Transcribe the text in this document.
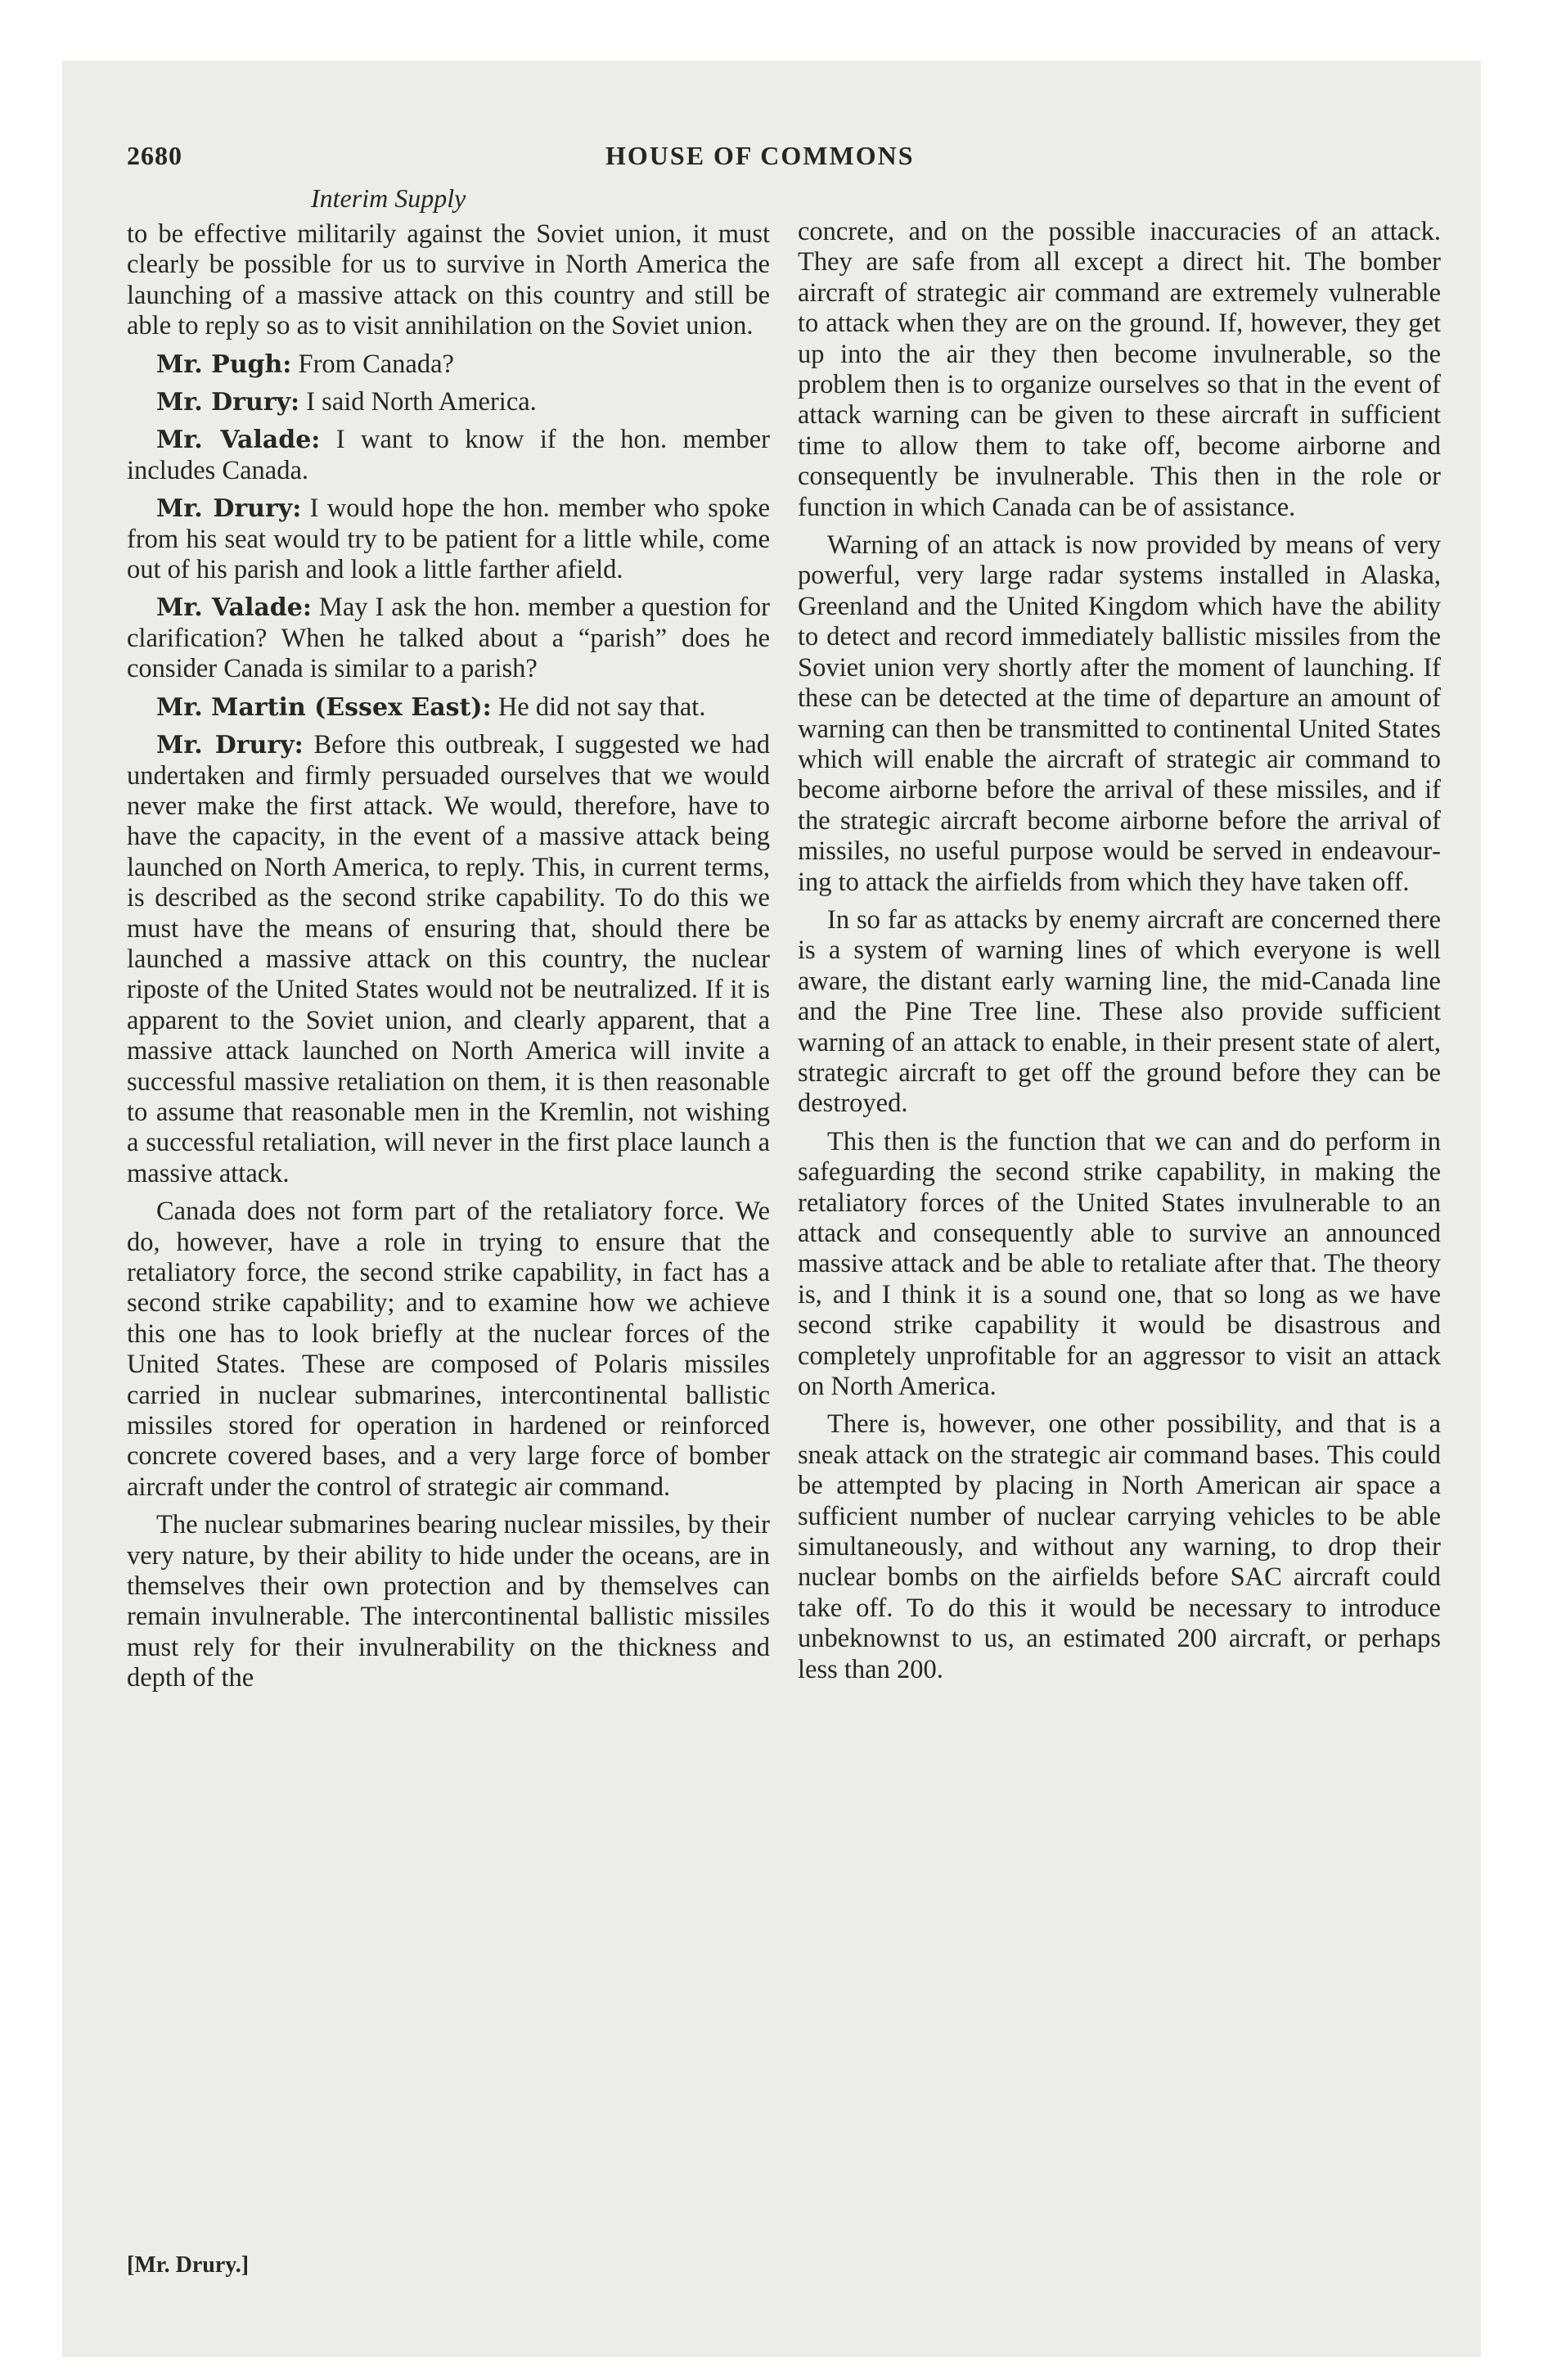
2680	HOUSE OF COMMONS
Interim Supply

to be effective militarily against the Soviet union, it must clearly be possible for us to survive in North America the launching of a massive attack on this country and still be able to reply so as to visit annihilation on the Soviet union.

Mr. Pugh: From Canada?

Mr. Drury: I said North America.

Mr. Valade: I want to know if the hon. member includes Canada.

Mr. Drury: I would hope the hon. member who spoke from his seat would try to be patient for a little while, come out of his parish and look a little farther afield.

Mr. Valade: May I ask the hon. member a question for clarification? When he talked about a “parish” does he consider Canada is similar to a parish?

Mr. Martin (Essex East): He did not say that.

Mr. Drury: Before this outbreak, I suggested we had undertaken and firmly persuaded ourselves that we would never make the first attack. We would, therefore, have to have the capacity, in the event of a massive attack being launched on North America, to reply. This, in current terms, is described as the second strike capability. To do this we must have the means of ensuring that, should there be launched a massive attack on this country, the nuclear riposte of the United States would not be neutralized. If it is apparent to the Soviet union, and clearly apparent, that a massive attack launched on North America will invite a successful massive retaliation on them, it is then reasonable to assume that reasonable men in the Kremlin, not wishing a successful retaliation, will never in the first place launch a massive attack.

Canada does not form part of the retaliatory force. We do, however, have a role in trying to ensure that the retaliatory force, the second strike capability, in fact has a second strike capability; and to examine how we achieve this one has to look briefly at the nuclear forces of the United States. These are composed of Polaris missiles carried in nuclear submarines, intercontinental ballistic missiles stored for operation in hardened or reinforced concrete covered bases, and a very large force of bomber aircraft under the control of strategic air command.

The nuclear submarines bearing nuclear missiles, by their very nature, by their ability to hide under the oceans, are in themselves their own protection and by themselves can remain invulnerable. The intercontinental ballistic missiles must rely for their invulnerability on the thickness and depth of the

concrete, and on the possible inaccuracies of an attack. They are safe from all except a direct hit. The bomber aircraft of strategic air command are extremely vulnerable to attack when they are on the ground. If, however, they get up into the air they then become invulnerable, so the problem then is to organize ourselves so that in the event of attack warning can be given to these aircraft in sufficient time to allow them to take off, become airborne and consequently be invulnerable. This then in the role or function in which Canada can be of assistance.

Warning of an attack is now provided by means of very powerful, very large radar systems installed in Alaska, Greenland and the United Kingdom which have the ability to detect and record immediately ballistic missiles from the Soviet union very shortly after the moment of launching. If these can be detected at the time of departure an amount of warning can then be transmitted to continental United States which will enable the aircraft of strategic air command to become airborne before the arrival of these missiles, and if the strategic aircraft become airborne before the arrival of missiles, no useful purpose would be served in endeavouring to attack the airfields from which they have taken off.

In so far as attacks by enemy aircraft are concerned there is a system of warning lines of which everyone is well aware, the distant early warning line, the mid-Canada line and the Pine Tree line. These also provide sufficient warning of an attack to enable, in their present state of alert, strategic aircraft to get off the ground before they can be destroyed.

This then is the function that we can and do perform in safeguarding the second strike capability, in making the retaliatory forces of the United States invulnerable to an attack and consequently able to survive an announced massive attack and be able to retaliate after that. The theory is, and I think it is a sound one, that so long as we have second strike capability it would be disastrous and completely unprofitable for an aggressor to visit an attack on North America.

There is, however, one other possibility, and that is a sneak attack on the strategic air command bases. This could be attempted by placing in North American air space a sufficient number of nuclear carrying vehicles to be able simultaneously, and without any warning, to drop their nuclear bombs on the airfields before SAC aircraft could take off. To do this it would be necessary to introduce unbeknownst to us, an estimated 200 aircraft, or perhaps less than 200.

[Mr. Drury.]
